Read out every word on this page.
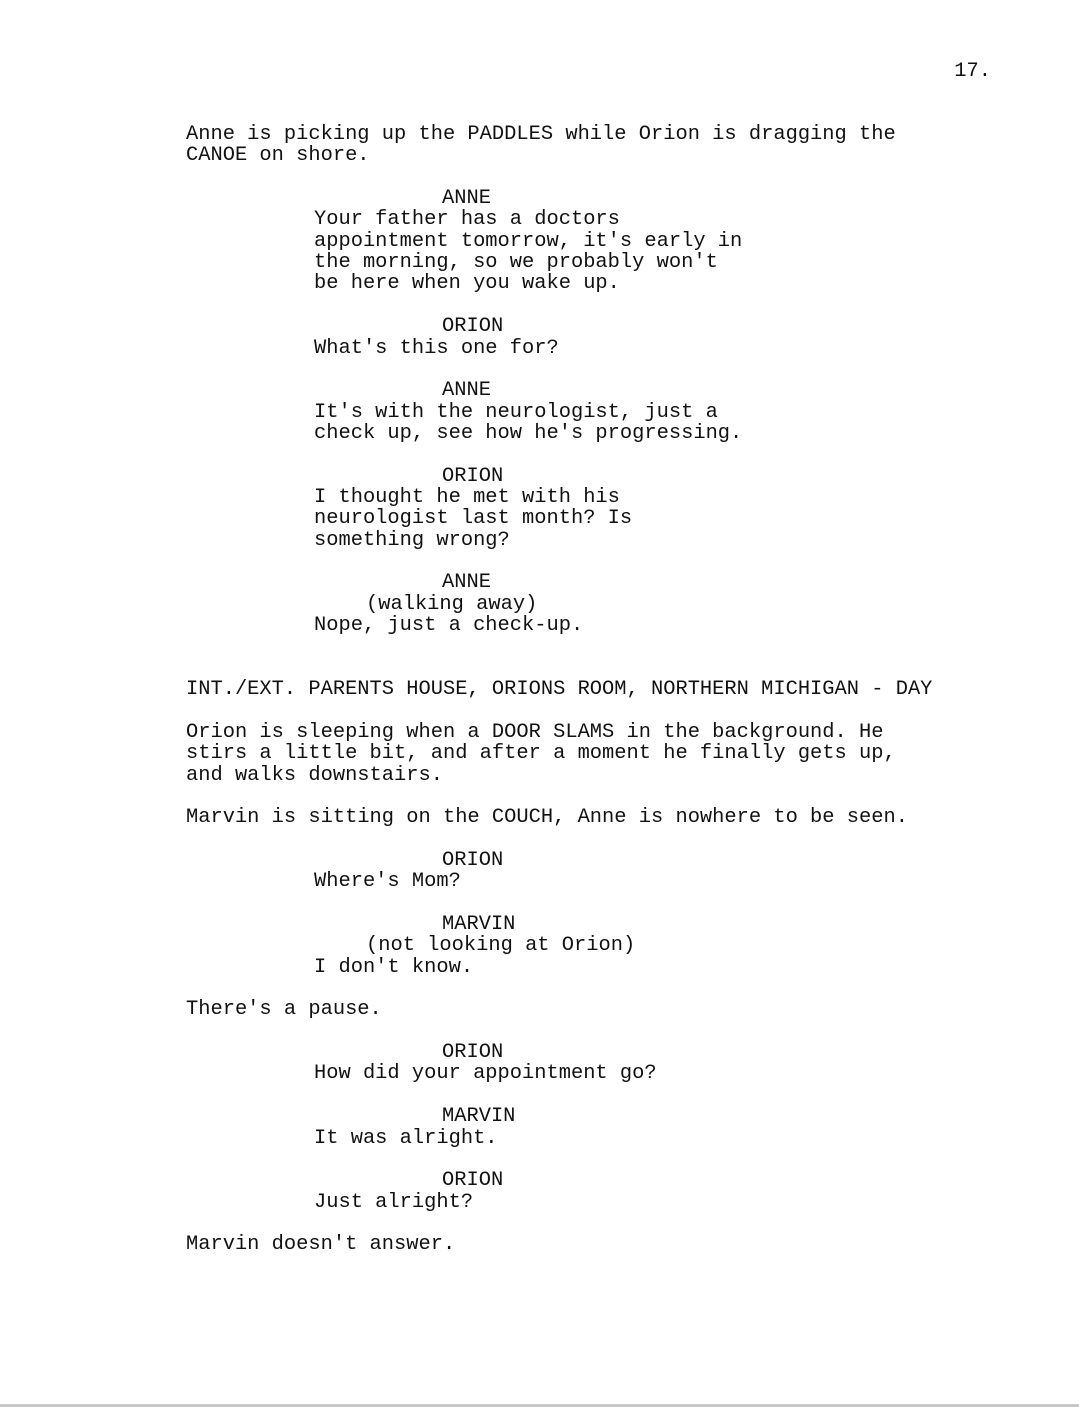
17.
Anne is picking up the PADDLES while Orion is dragging the
CANOE on shore.
ANNE
Your father has a doctors
appointment tomorrow, it's early in
the morning, so we probably won't
be here when you wake up.
ORION
What's this one for?
ANNE
It's with the neurologist, just a
check up, see how he's progressing.
ORION
I thought he met with his
neurologist last month? Is
something wrong?
ANNE
(walking away)
Nope, just a check-up.
INT./EXT. PARENTS HOUSE, ORIONS ROOM, NORTHERN MICHIGAN - DAY
Orion is sleeping when a DOOR SLAMS in the background. He
stirs a little bit, and after a moment he finally gets up,
and walks downstairs.
Marvin is sitting on the COUCH, Anne is nowhere to be seen.
ORION
Where's Mom?
MARVIN
(not looking at Orion)
I don't know.
There's a pause.
ORION
How did your appointment go?
MARVIN
It was alright.
ORION
Just alright?
Marvin doesn't answer.
